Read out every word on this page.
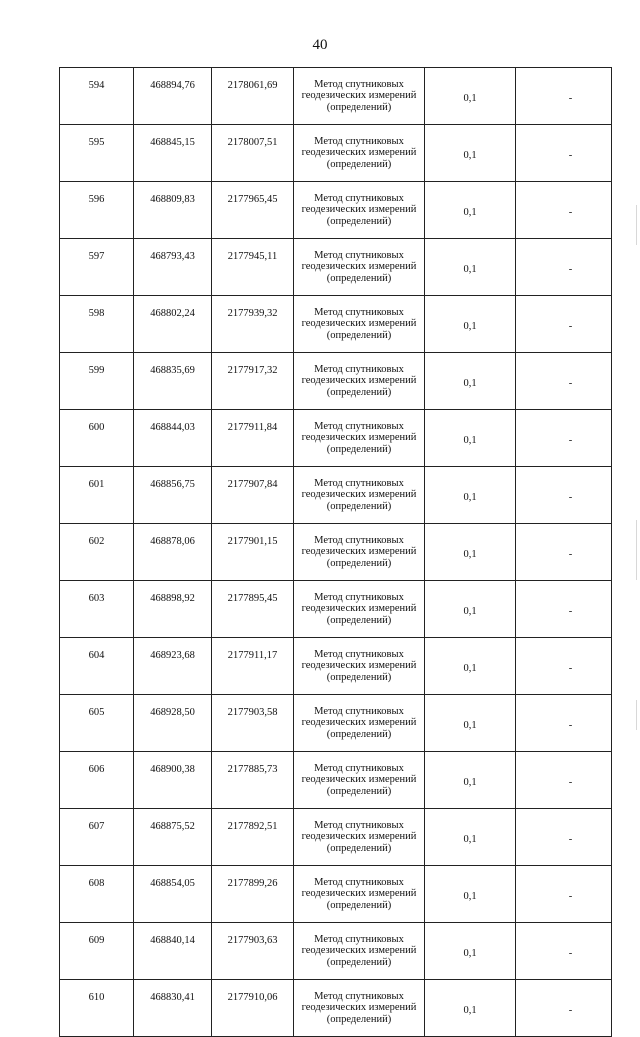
40
594	468894,76	2178061,69	Метод спутниковых
геодезических измерений
(определений)	0,1	-
595	468845,15	2178007,51	Метод спутниковых
геодезических измерений
(определений)	0,1	-
596	468809,83	2177965,45	Метод спутниковых
геодезических измерений
(определений)	0,1	-
597	468793,43	2177945,11	Метод спутниковых
геодезических измерений
(определений)	0,1	-
598	468802,24	2177939,32	Метод спутниковых
геодезических измерений
(определений)	0,1	-
599	468835,69	2177917,32	Метод спутниковых
геодезических измерений
(определений)	0,1	-
600	468844,03	2177911,84	Метод спутниковых
геодезических измерений
(определений)	0,1	-
601	468856,75	2177907,84	Метод спутниковых
геодезических измерений
(определений)	0,1	-
602	468878,06	2177901,15	Метод спутниковых
геодезических измерений
(определений)	0,1	-
603	468898,92	2177895,45	Метод спутниковых
геодезических измерений
(определений)	0,1	-
604	468923,68	2177911,17	Метод спутниковых
геодезических измерений
(определений)	0,1	-
605	468928,50	2177903,58	Метод спутниковых
геодезических измерений
(определений)	0,1	-
606	468900,38	2177885,73	Метод спутниковых
геодезических измерений
(определений)	0,1	-
607	468875,52	2177892,51	Метод спутниковых
геодезических измерений
(определений)	0,1	-
608	468854,05	2177899,26	Метод спутниковых
геодезических измерений
(определений)	0,1	-
609	468840,14	2177903,63	Метод спутниковых
геодезических измерений
(определений)	0,1	-
610	468830,41	2177910,06	Метод спутниковых
геодезических измерений
(определений)	0,1	-
